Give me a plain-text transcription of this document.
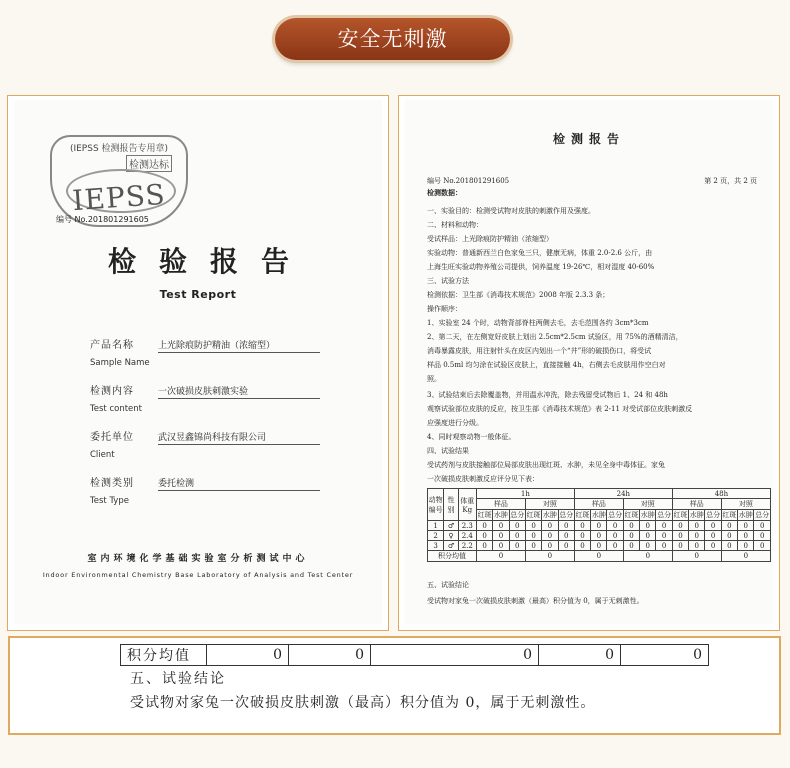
安全无刺激
(IEPSS 检测报告专用章)
检测达标
IEPSS
编号 No.201801291605
检验报告
Test Report
产品名称	上光除痕防护精油（浓缩型）
Sample Name
检测内容	一次破损皮肤刺激实验
Test content
委托单位	武汉昱鑫锦尚科技有限公司
Client
检测类别	委托检测
Test Type
室内环境化学基础实验室分析测试中心
Indoor Environmental Chemistry Base Laboratory of Analysis and Test Center
检测报告
编号 No.201801291605	第 2 页，共 2 页
检测数据：
一、实验目的：检测受试物对皮肤的刺激作用及强度。
二、材料和动物：
受试样品：上光除痕防护精油（浓缩型）
实验动物：普通新西兰白色家兔三只，健康无病，体重 2.0-2.6 公斤，由
上海生旺实验动物养殖公司提供，饲养温度 19-26℃，相对湿度 40-60%
三、试验方法
检测依据：卫生部《消毒技术规范》2008 年版 2.3.3 条；
操作顺序：
1、实验室 24 个时，动物背部脊柱两侧去毛，去毛范围各约 3cm*3cm
2、第二天，在左侧宽好皮肤上划出 2.5cm*2.5cm 试验区，用 75%的酒精清洁，
消毒暴露皮肤，用注射针头在皮区内划出一个“井”形的破损伤口，将受试
样品 0.5ml 均匀涂在试验区皮肤上，直接接触 4h，右侧去毛皮肤用作空白对
照。
3、试验结束后去除覆盖物，并用温水冲洗，除去残留受试物后 1、24 和 48h
观察试验部位皮肤的反应，按卫生部《消毒技术规范》表 2-11 对受试部位皮肤刺激反
应强度进行分级。
4、同时观察动物一般体征。
四、试验结果
受试药剂与皮肤接触部位局部皮肤出现红斑、水肿，未见全身中毒体征。家兔
一次破损皮肤刺激反应评分见下表：
动物编号	性别	体重Kg	1h						24h						48h					
			样品			对照			样品			对照			样品			对照		
			红斑	水肿	总分	红斑	水肿	总分	红斑	水肿	总分	红斑	水肿	总分	红斑	水肿	总分	红斑	水肿	总分
1	♂	2.3	0	0	0	0	0	0	0	0	0	0	0	0	0	0	0	0	0	0
2	♀	2.4	0	0	0	0	0	0	0	0	0	0	0	0	0	0	0	0	0	0
3	♂	2.2	0	0	0	0	0	0	0	0	0	0	0	0	0	0	0	0	0	0
积分均值			0			0			0			0			0			0		
五、试验结论
受试物对家兔一次破损皮肤刺激（最高）积分值为 0，属于无刺激性。
积分均值	0	0	0	0	0
五、试验结论
受试物对家兔一次破损皮肤刺激（最高）积分值为 0，属于无刺激性。
